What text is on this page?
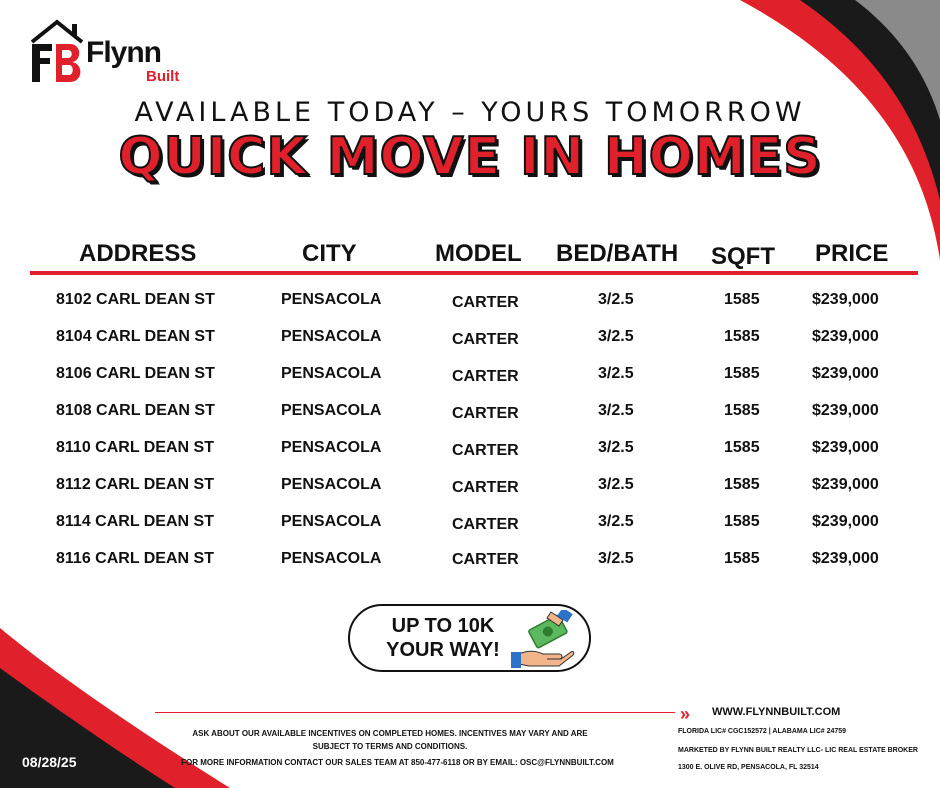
Flynn
Built
AVAILABLE TODAY – YOURS TOMORROW
QUICK MOVE IN HOMES
ADDRESS	CITY	MODEL BED/BATH SQFT PRICE
8102 CARL DEAN ST	PENSACOLA	CARTER	3/2.5	1585	$239,000
8104 CARL DEAN ST	PENSACOLA	CARTER	3/2.5	1585	$239,000
8106 CARL DEAN ST	PENSACOLA	CARTER	3/2.5	1585	$239,000
8108 CARL DEAN ST	PENSACOLA	CARTER	3/2.5	1585	$239,000
8110 CARL DEAN ST	PENSACOLA	CARTER	3/2.5	1585	$239,000
8112 CARL DEAN ST	PENSACOLA	CARTER	3/2.5	1585	$239,000
8114 CARL DEAN ST	PENSACOLA	CARTER	3/2.5	1585	$239,000
8116 CARL DEAN ST	PENSACOLA	CARTER	3/2.5	1585	$239,000
UP TO 10K
YOUR WAY!
ASK ABOUT OUR AVAILABLE INCENTIVES ON COMPLETED HOMES. INCENTIVES MAY VARY AND ARE
SUBJECT TO TERMS AND CONDITIONS.
FOR MORE INFORMATION CONTACT OUR SALES TEAM AT 850-477-6118 OR BY EMAIL: OSC@FLYNNBUILT.COM
» WWW.FLYNNBUILT.COM
FLORIDA LIC# CGC152572 | ALABAMA LIC# 24759
MARKETED BY FLYNN BUILT REALTY LLC- LIC REAL ESTATE BROKER
1300 E. OLIVE RD, PENSACOLA, FL 32514
08/28/25
